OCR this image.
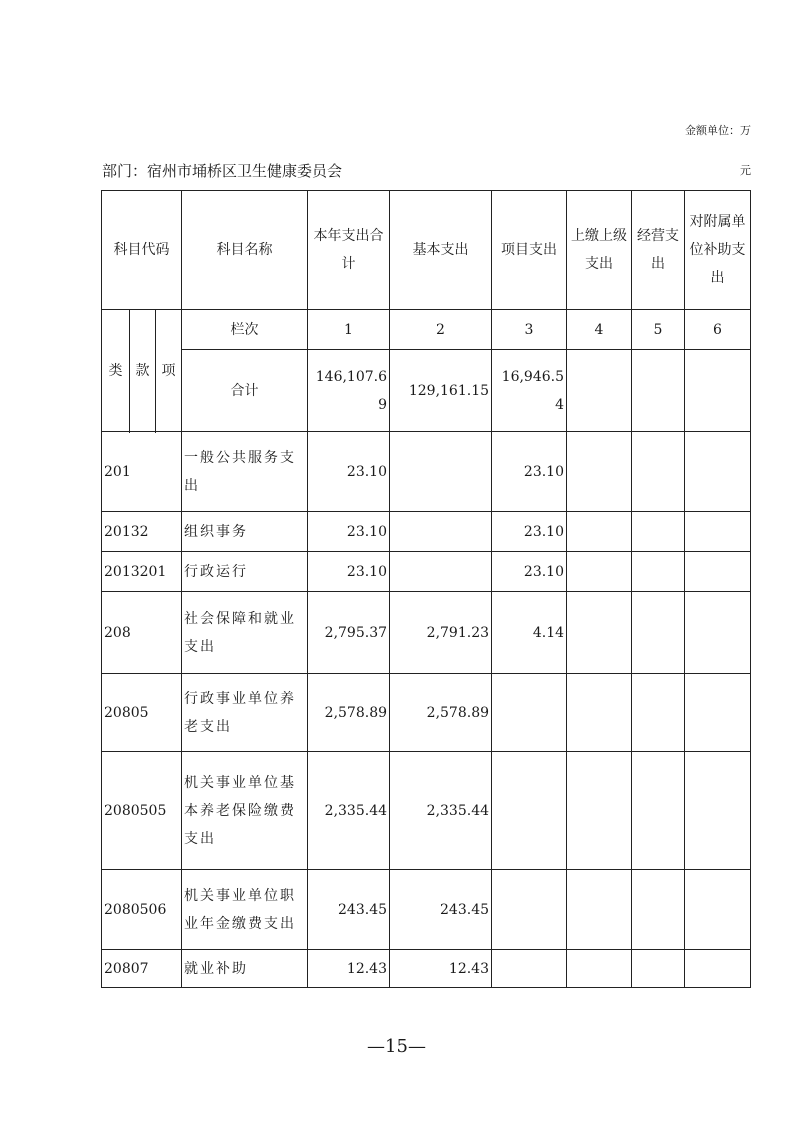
金额单位：万
元
部门：宿州市埇桥区卫生健康委员会
科目代码			科目名称	本年支出合计	基本支出	项目支出	上缴上级支出	经营支出	对附属单位补助支出
类	款	项	栏次	1	2	3	4	5	6
			合计	146,107.69	129,161.15	16,946.54			

201			一般公共服务支出	23.10		23.10			
20132			组织事务	23.10		23.10			
2013201			行政运行	23.10		23.10			
208			社会保障和就业支出	2,795.37	2,791.23	4.14			
20805			行政事业单位养老支出	2,578.89	2,578.89				
2080505			机关事业单位基本养老保险缴费支出	2,335.44	2,335.44				
2080506			机关事业单位职业年金缴费支出	243.45	243.45				
20807			就业补助	12.43	12.43				
—15—
